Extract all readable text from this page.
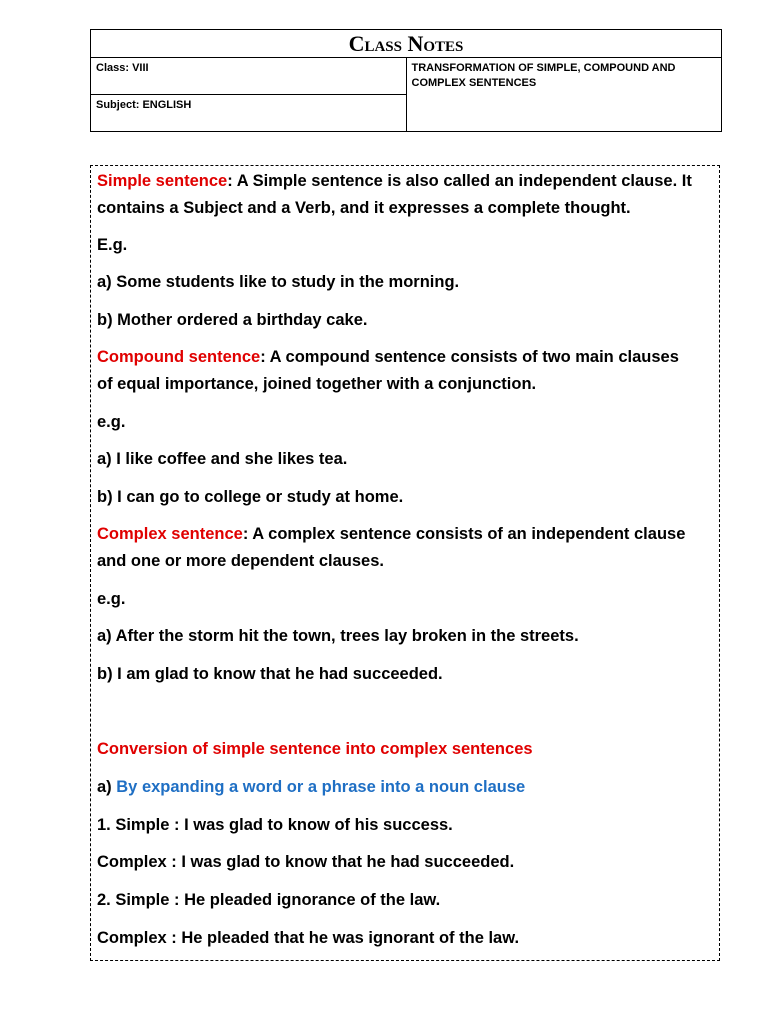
Class Notes
Class: VIII	TRANSFORMATION OF SIMPLE, COMPOUND AND
COMPLEX SENTENCES

Subject: ENGLISH
Simple sentence: A Simple sentence is also called an independent clause. It
contains a Subject and a Verb, and it expresses a complete thought.
E.g.
a) Some students like to study in the morning.
b) Mother ordered a birthday cake.
Compound sentence: A compound sentence consists of two main clauses
of equal importance, joined together with a conjunction.
e.g.
a) I like coffee and she likes tea.
b) I can go to college or study at home.
Complex sentence: A complex sentence consists of an independent clause
and one or more dependent clauses.
e.g.
a) After the storm hit the town, trees lay broken in the streets.
b) I am glad to know that he had succeeded.
Conversion of simple sentence into complex sentences
a) By expanding a word or a phrase into a noun clause
1. Simple : I was glad to know of his success.
Complex : I was glad to know that he had succeeded.
2. Simple : He pleaded ignorance of the law.
Complex : He pleaded that he was ignorant of the law.
